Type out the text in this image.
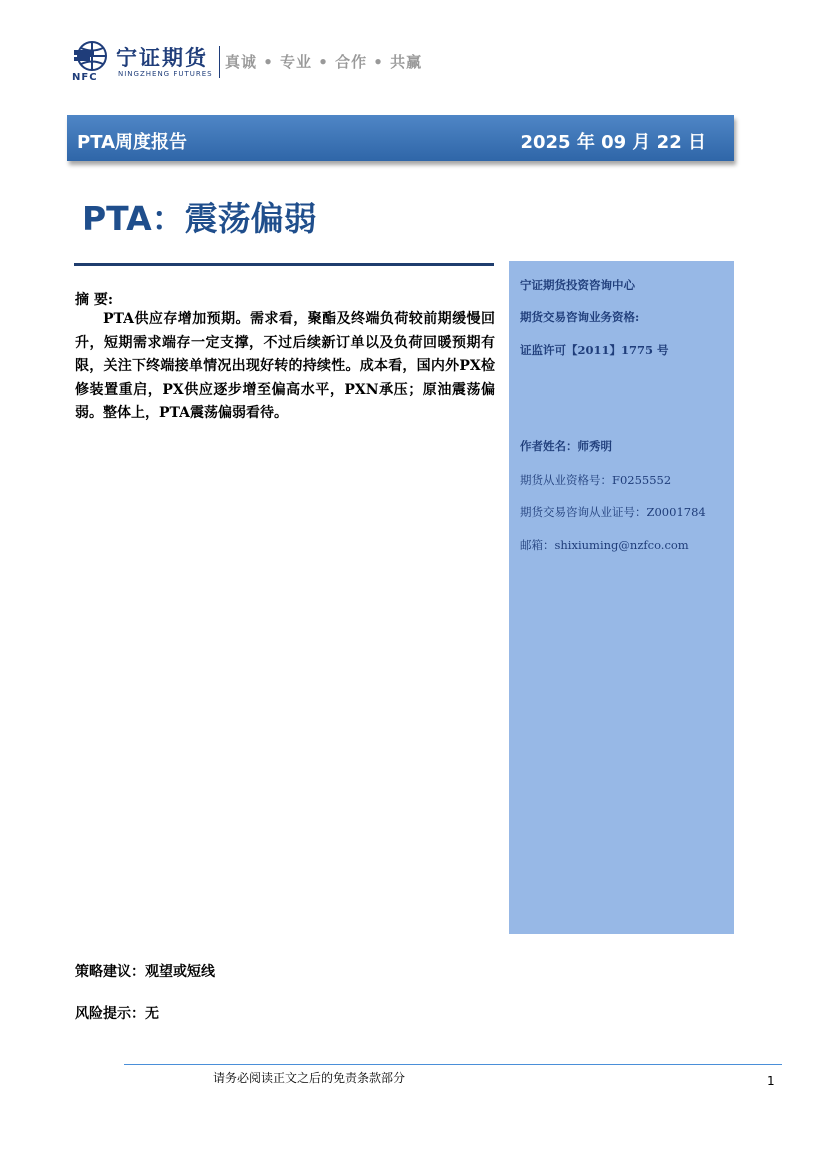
NFC
宁证期货
NINGZHENG FUTURES
真诚 • 专业 • 合作 • 共赢
PTA周度报告	2025 年 09 月 22 日
PTA：震荡偏弱
摘 要:
PTA供应存增加预期。需求看，聚酯及终端负荷较前期缓慢回升，短期需求端存一定支撑，不过后续新订单以及负荷回暖预期有限，关注下终端接单情况出现好转的持续性。成本看，国内外PX检修装置重启，PX供应逐步增至偏高水平，PXN承压；原油震荡偏弱。整体上，PTA震荡偏弱看待。
宁证期货投资咨询中心
期货交易咨询业务资格:
证监许可【2011】1775 号
作者姓名：师秀明
期货从业资格号：F0255552
期货交易咨询从业证号：Z0001784
邮箱：shixiuming@nzfco.com
策略建议：观望或短线
风险提示：无
请务必阅读正文之后的免责条款部分	1
